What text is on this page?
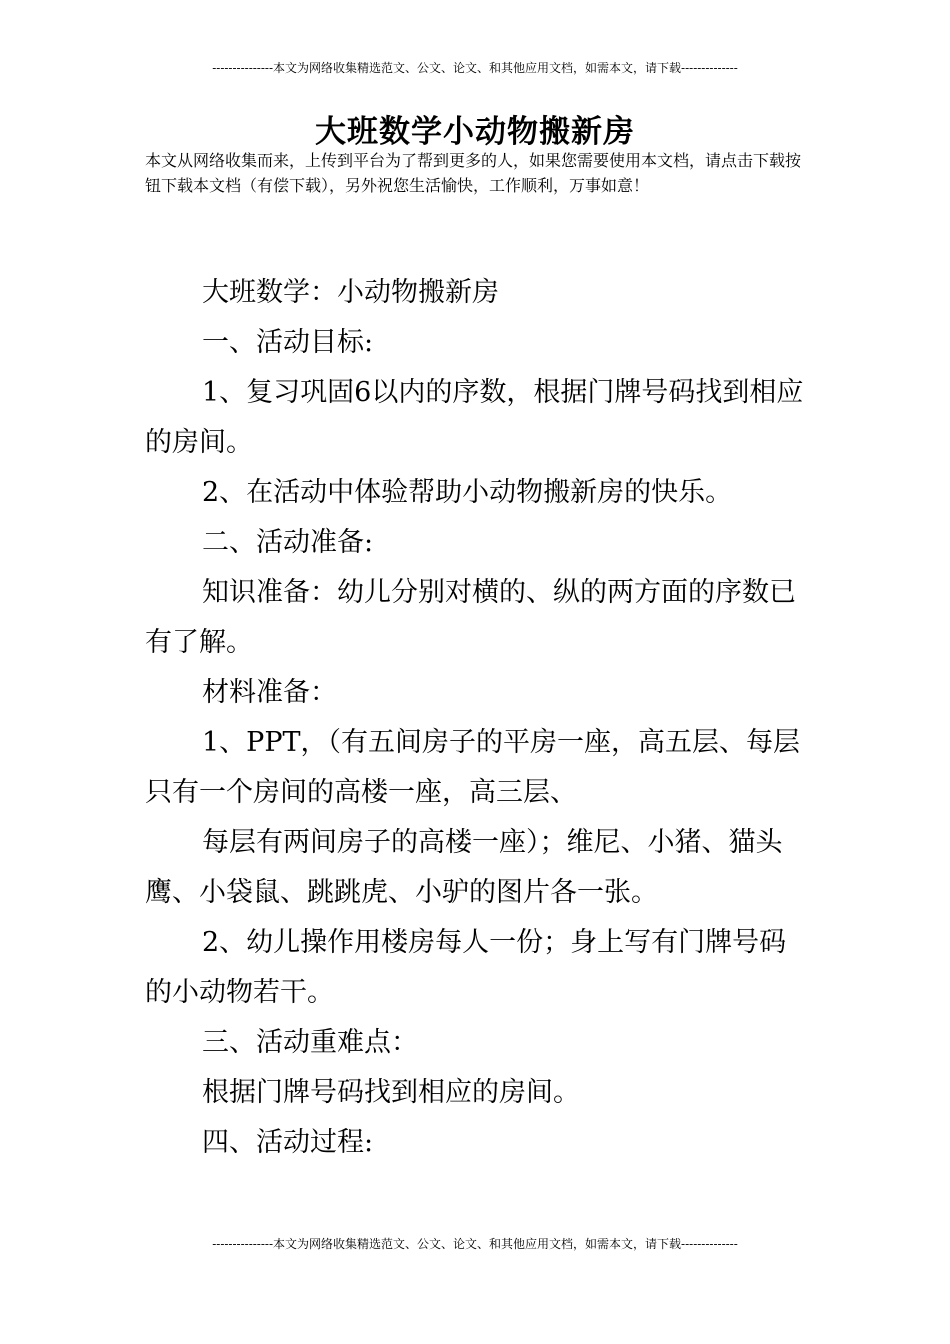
---------------本文为网络收集精选范文、公文、论文、和其他应用文档，如需本文，请下载--------------
大班数学小动物搬新房
本文从网络收集而来，上传到平台为了帮到更多的人，如果您需要使用本文档，请点击下载按钮下载本文档（有偿下载），另外祝您生活愉快，工作顺利，万事如意！

大班数学：小动物搬新房

一、活动目标:

1、复习巩固6以内的序数，根据门牌号码找到相应的房间。

2、在活动中体验帮助小动物搬新房的快乐。

二、活动准备:

知识准备：幼儿分别对横的、纵的两方面的序数已有了解。

材料准备：

1、PPT，（有五间房子的平房一座，高五层、每层只有一个房间的高楼一座，高三层、

每层有两间房子的高楼一座）；维尼、小猪、猫头鹰、小袋鼠、跳跳虎、小驴的图片各一张。

2、幼儿操作用楼房每人一份；身上写有门牌号码的小动物若干。

三、活动重难点：

根据门牌号码找到相应的房间。

四、活动过程:

---------------本文为网络收集精选范文、公文、论文、和其他应用文档，如需本文，请下载--------------
